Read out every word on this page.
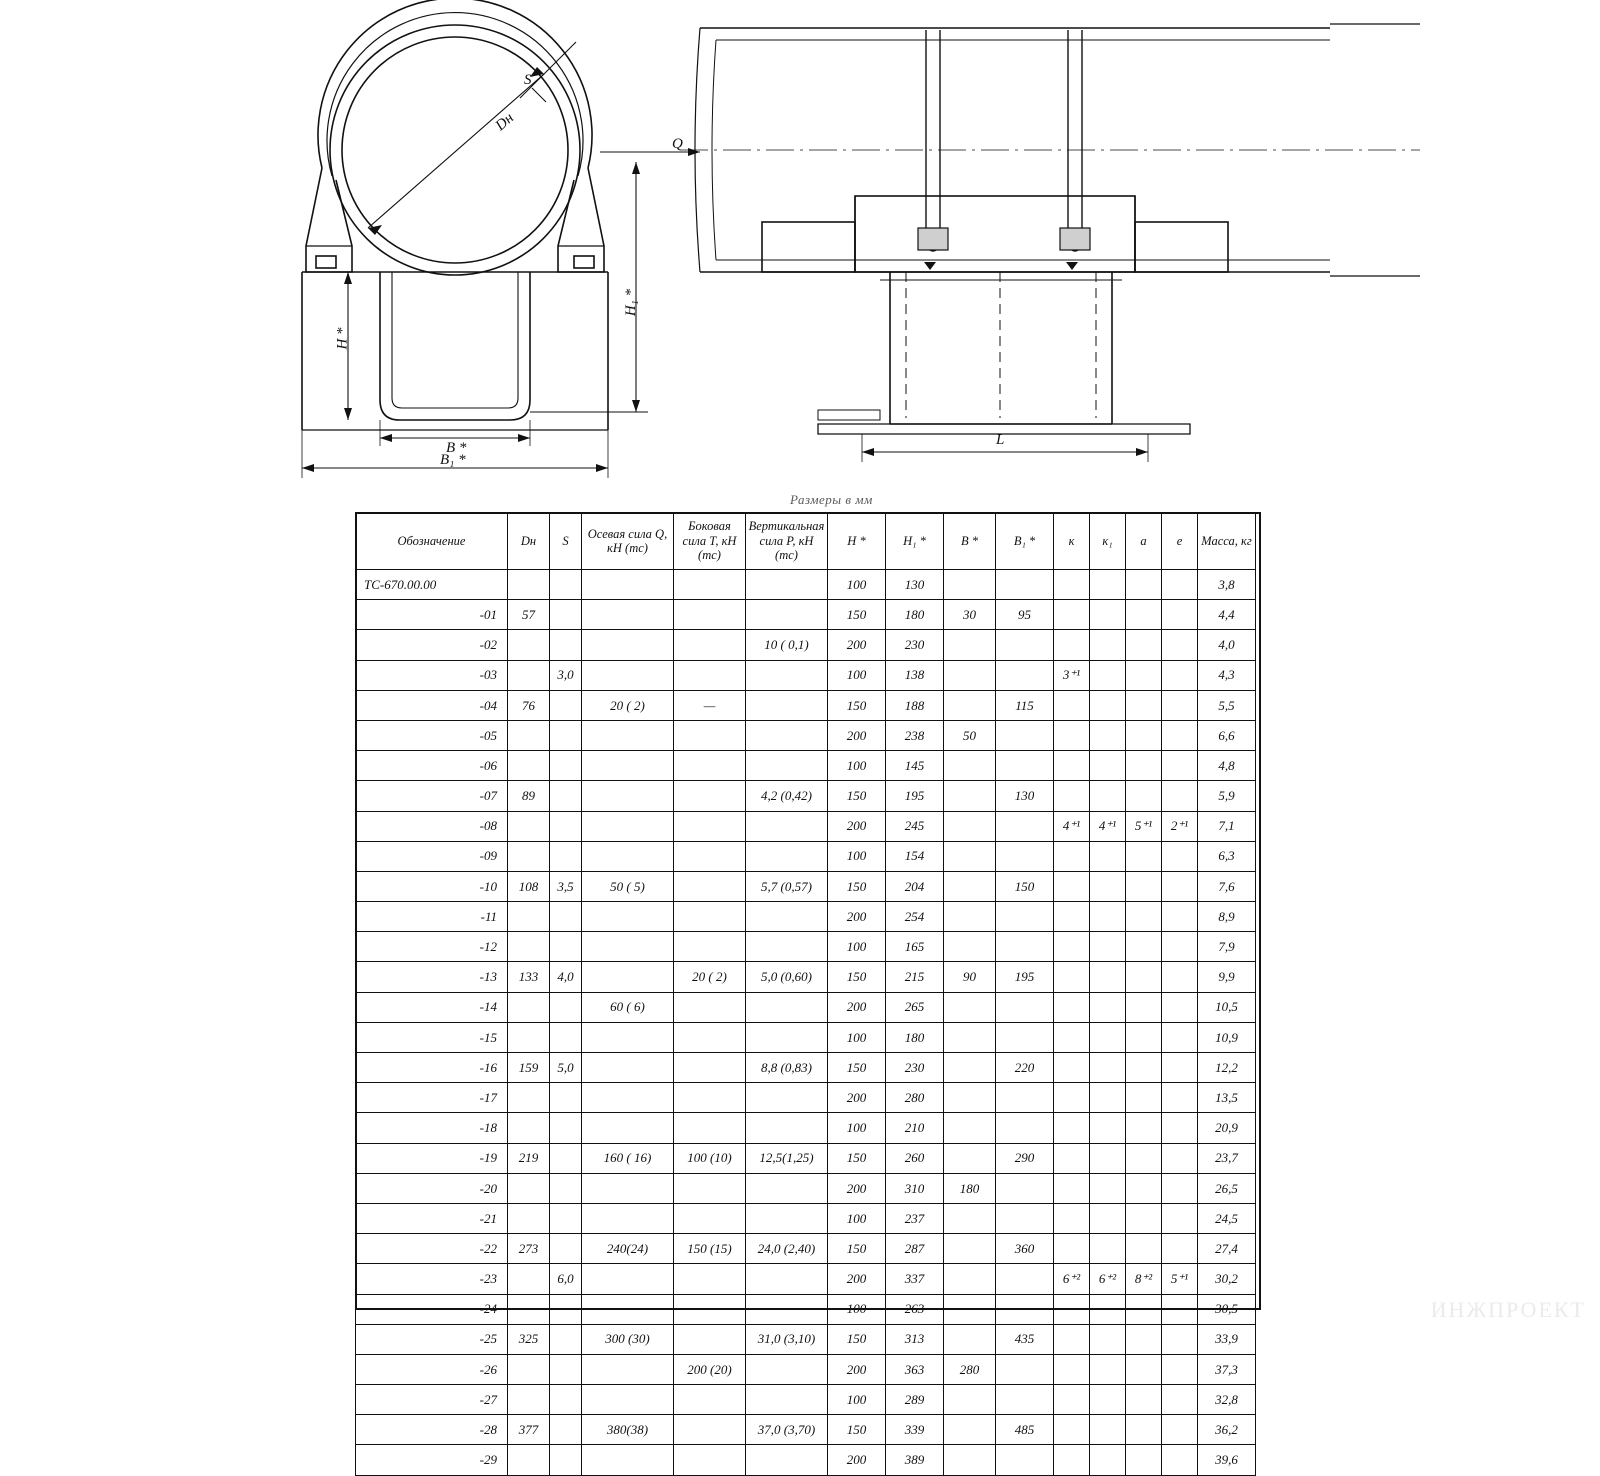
S
Dн
Q
H *
H₁ *
B *
B₁ *
L
Размеры в мм
Обозначение	Dн	S	Осевая сила Q, кН (тс)	Боковая сила T, кН (тс)	Вертикальная сила P, кН (тс)	H *	H₁ *	B *	B₁ *	к	к₁	а	е	Масса, кг
ТС-670.00.00						100	130							3,8
-01	57					150	180	30	95					4,4
-02					10 ( 0,1)	200	230							4,0
-03		3,0				100	138			3⁺¹				4,3
-04	76		20 ( 2)	—		150	188		115					5,5
-05						200	238	50						6,6
-06						100	145							4,8
-07	89				4,2 (0,42)	150	195		130					5,9
-08						200	245			4⁺¹	4⁺¹	5⁺¹	2⁺¹	7,1
-09						100	154							6,3
-10	108	3,5	50 ( 5)		5,7 (0,57)	150	204		150					7,6
-11						200	254							8,9
-12						100	165							7,9
-13	133	4,0		20 ( 2)	5,0 (0,60)	150	215	90	195					9,9
-14			60 ( 6)			200	265							10,5
-15						100	180							10,9
-16	159	5,0			8,8 (0,83)	150	230		220					12,2
-17						200	280							13,5
-18						100	210							20,9
-19	219		160 ( 16)	100 (10)	12,5(1,25)	150	260		290					23,7
-20						200	310	180						26,5
-21						100	237							24,5
-22	273		240(24)	150 (15)	24,0 (2,40)	150	287		360					27,4
-23		6,0				200	337			6⁺²	6⁺²	8⁺²	5⁺¹	30,2
-24						100	263							30,5
-25	325		300 (30)		31,0 (3,10)	150	313		435					33,9
-26				200 (20)		200	363	280						37,3
-27						100	289							32,8
-28	377		380(38)		37,0 (3,70)	150	339		485					36,2
-29						200	389							39,6
ИНЖПРОЕКТ
